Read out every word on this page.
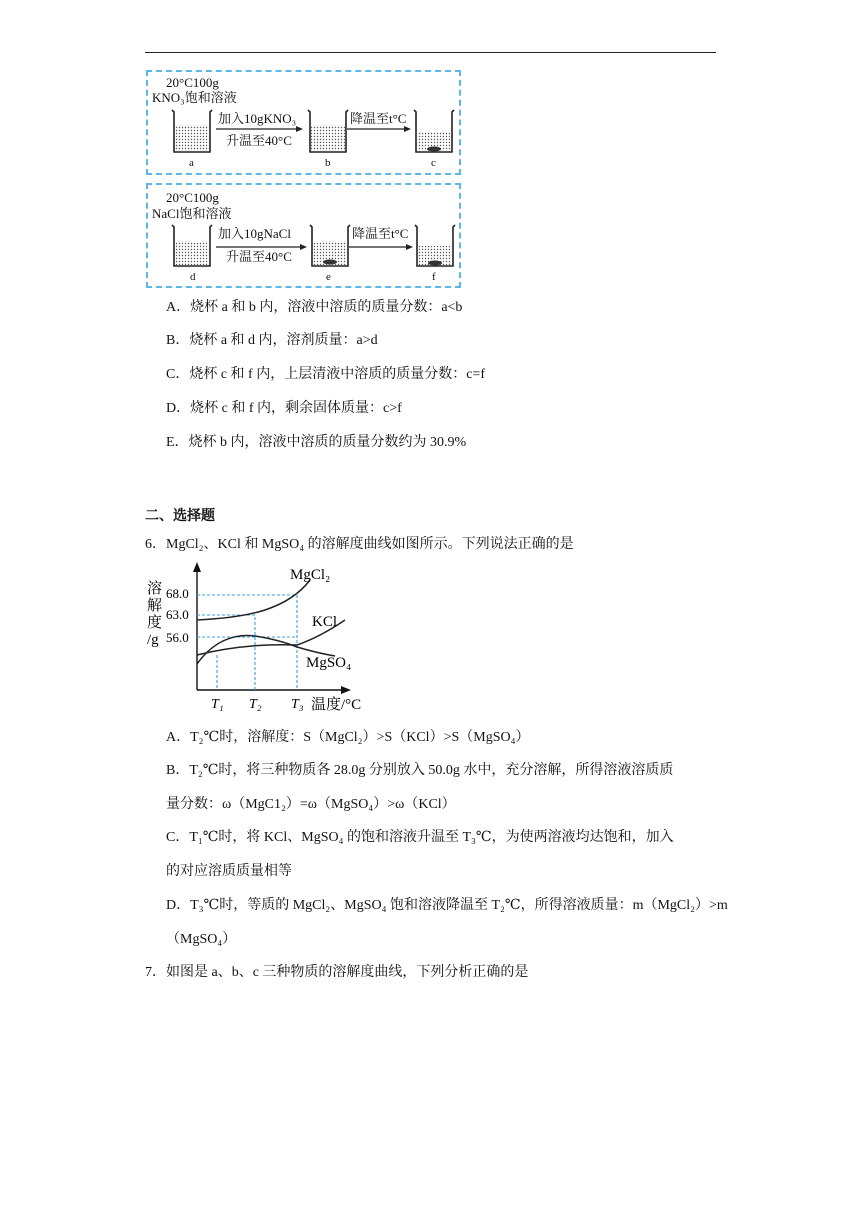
20°C100g
KNO₃饱和溶液
加入10gKNO₃
升温至40°C
降温至t°C
a	b	c
20°C100g
NaCl饱和溶液
加入10gNaCl
升温至40°C
降温至t°C
d	e	f
A．烧杯 a 和 b 内，溶液中溶质的质量分数：a<b
B．烧杯 a 和 d 内，溶剂质量：a>d
C．烧杯 c 和 f 内，上层清液中溶质的质量分数：c=f
D．烧杯 c 和 f 内，剩余固体质量：c>f
E．烧杯 b 内，溶液中溶质的质量分数约为 30.9%
二、选择题
6．MgCl₂、KCl 和 MgSO₄ 的溶解度曲线如图所示。下列说法正确的是
溶
解
度
/g
68.0
63.0
56.0
MgCl₂
KCl
MgSO₄
T₁ T₂ T₃ 温度/°C
A．T₂℃时，溶解度：S（MgCl₂）>S（KCl）>S（MgSO₄）
B．T₂℃时，将三种物质各 28.0g 分别放入 50.0g 水中，充分溶解，所得溶液溶质质
量分数：ω（MgC1₂）=ω（MgSO₄）>ω（KCl）
C．T₁℃时，将 KCl、MgSO₄ 的饱和溶液升温至 T₃℃，为使两溶液均达饱和，加入
的对应溶质质量相等
D．T₃℃时，等质的 MgCl₂、MgSO₄ 饱和溶液降温至 T₂℃，所得溶液质量：m（MgCl₂）>m
（MgSO₄）
7．如图是 a、b、c 三种物质的溶解度曲线，下列分析正确的是
